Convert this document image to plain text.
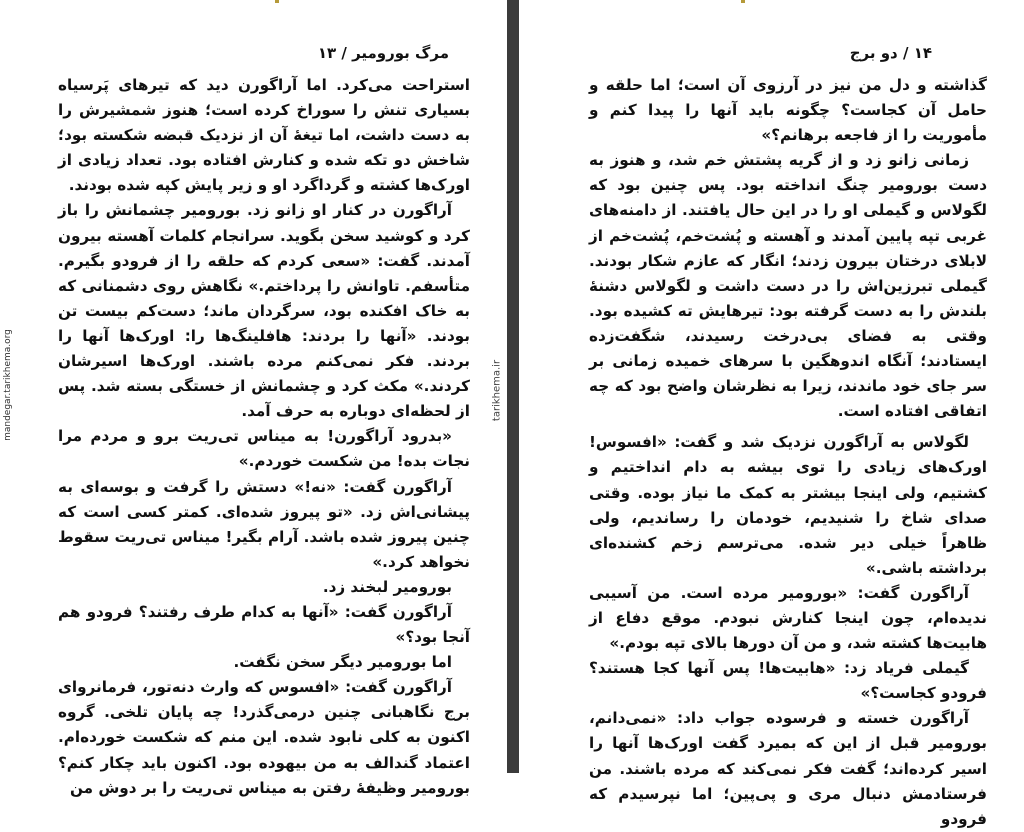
مرگ بورومیر / ۱۳

استراحت می‌کرد. اما آراگورن دید که تیرهای پَرسیاه بسیاری تنش را سوراخ کرده است؛ هنوز شمشیرش را به دست داشت، اما تیغۀ آن از نزدیک قبضه شکسته بود؛ شاخش دو تکه شده و کنارش افتاده بود. تعداد زیادی از اورک‌ها کشته و گرداگرد او و زیر پایش کپه شده بودند.

آراگورن در کنار او زانو زد. بورومیر چشمانش را باز کرد و کوشید سخن بگوید. سرانجام کلمات آهسته بیرون آمدند. گفت: «سعی کردم که حلقه را از فرودو بگیرم. متأسفم. تاوانش را پرداختم.» نگاهش روی دشمنانی که به خاک افکنده بود، سرگردان ماند؛ دست‌کم بیست تن بودند. «آنها را بردند: هافلینگ‌ها را: اورک‌ها آنها را بردند. فکر نمی‌کنم مرده باشند. اورک‌ها اسیرشان کردند.» مکث کرد و چشمانش از خستگی بسته شد. پس از لحظه‌ای دوباره به حرف آمد.

«بدرود آراگورن! به میناس تی‌ریت برو و مردم مرا نجات بده! من شکست خوردم.»

آراگورن گفت: «نه!» دستش را گرفت و بوسه‌ای به پیشانی‌اش زد. «تو پیروز شده‌ای. کمتر کسی است که چنین پیروز شده باشد. آرام بگیر! میناس تی‌ریت سقوط نخواهد کرد.»

بورومیر لبخند زد.

آراگورن گفت: «آنها به کدام طرف رفتند؟ فرودو هم آنجا بود؟»

اما بورومیر دیگر سخن نگفت.

آراگورن گفت: «افسوس که وارث دنه‌تور، فرمانروای برج نگاهبانی چنین درمی‌گذرد! چه پایان تلخی. گروه اکنون به کلی نابود شده. این منم که شکست خورده‌ام. اعتماد گندالف به من بیهوده بود. اکنون باید چکار کنم؟ بورومیر وظیفۀ رفتن به میناس تی‌ریت را بر دوش من

mandegar.tarikhema.org	tarikhema.ir
۱۴ / دو برج

گذاشته و دل من نیز در آرزوی آن است؛ اما حلقه و حامل آن کجاست؟ چگونه باید آنها را پیدا کنم و مأموریت را از فاجعه برهانم؟»

زمانی زانو زد و از گریه پشتش خم شد، و هنوز به دست بورومیر چنگ انداخته بود. پس چنین بود که لگولاس و گیملی او را در این حال یافتند. از دامنه‌های غربی تپه پایین آمدند و آهسته و پُشت‌خم، پُشت‌خم از لابلای درختان بیرون زدند؛ انگار که عازم شکار بودند. گیملی تبرزین‌اش را در دست داشت و لگولاس دشنۀ بلندش را به دست گرفته بود: تیرهایش ته کشیده بود. وقتی به فضای بی‌درخت رسیدند، شگفت‌زده ایستادند؛ آنگاه اندوهگین با سرهای خمیده زمانی بر سر جای خود ماندند، زیرا به نظرشان واضح بود که چه اتفاقی افتاده است.

لگولاس به آراگورن نزدیک شد و گفت: «افسوس! اورک‌های زیادی را توی بیشه به دام انداختیم و کشتیم، ولی اینجا بیشتر به کمک ما نیاز بوده. وقتی صدای شاخ را شنیدیم، خودمان را رساندیم، ولی ظاهراً خیلی دیر شده. می‌ترسم زخم کشنده‌ای برداشته باشی.»

آراگورن گفت: «بورومیر مرده است. من آسیبی ندیده‌ام، چون اینجا کنارش نبودم. موقع دفاع از هابیت‌ها کشته شد، و من آن دورها بالای تپه بودم.»

گیملی فریاد زد: «هابیت‌ها! پس آنها کجا هستند؟ فرودو کجاست؟»

آراگورن خسته و فرسوده جواب داد: «نمی‌دانم، بورومیر قبل از این که بمیرد گفت اورک‌ها آنها را اسیر کرده‌اند؛ گفت فکر نمی‌کند که مرده باشند. من فرستادمش دنبال مری و پی‌پین؛ اما نپرسیدم که فرودو
